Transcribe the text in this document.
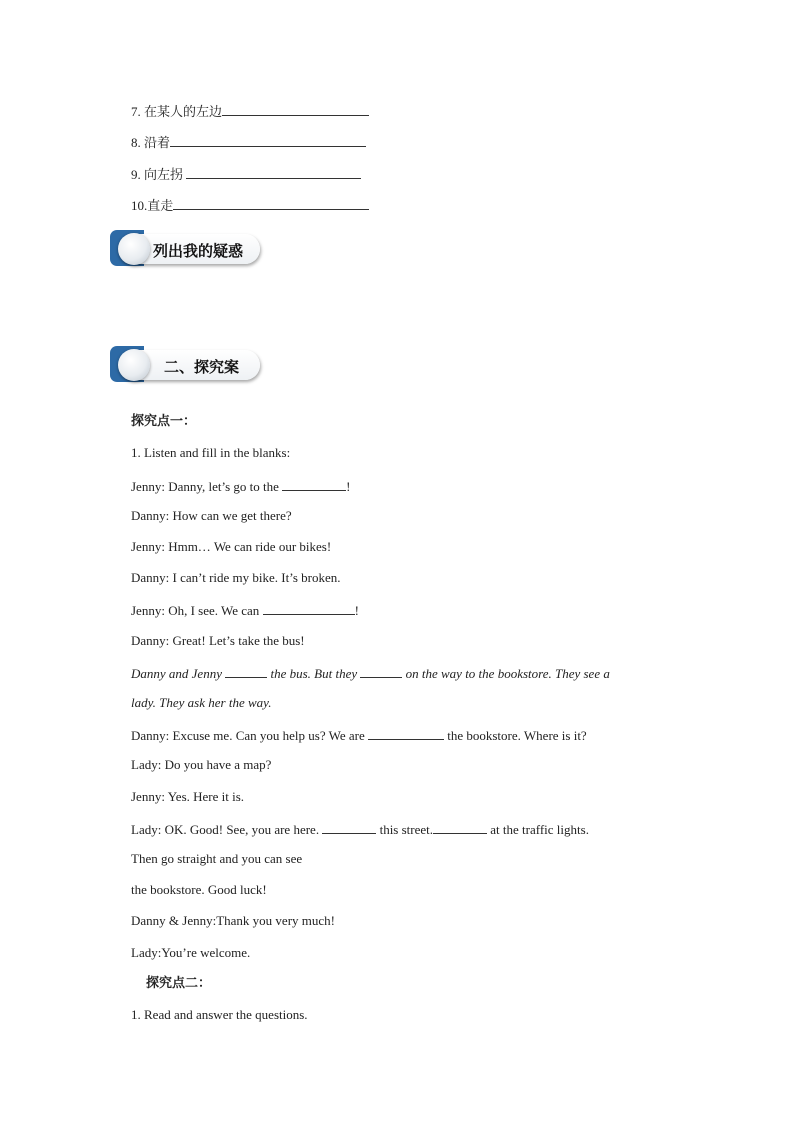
7. 在某人的左边
8. 沿着
9. 向左拐
10.直走
列出我的疑惑
二、探究案
探究点一：
1. Listen and fill in the blanks:
Jenny: Danny, let’s go to the	!
Danny: How can we get there?
Jenny: Hmm… We can ride our bikes!
Danny: I can’t ride my bike. It’s broken.
Jenny: Oh, I see. We can	!
Danny: Great! Let’s take the bus!
Danny and Jenny	the bus. But they	on the way to the bookstore. They see a
lady. They ask her the way.
Danny: Excuse me. Can you help us? We are	the bookstore. Where is it?
Lady: Do you have a map?
Jenny: Yes. Here it is.
Lady: OK. Good! See, you are here.	this street.	at the traffic lights.
Then go straight and you can see
the bookstore. Good luck!
Danny & Jenny:Thank you very much!
Lady:You’re welcome.
探究点二：
1. Read and answer the questions.
